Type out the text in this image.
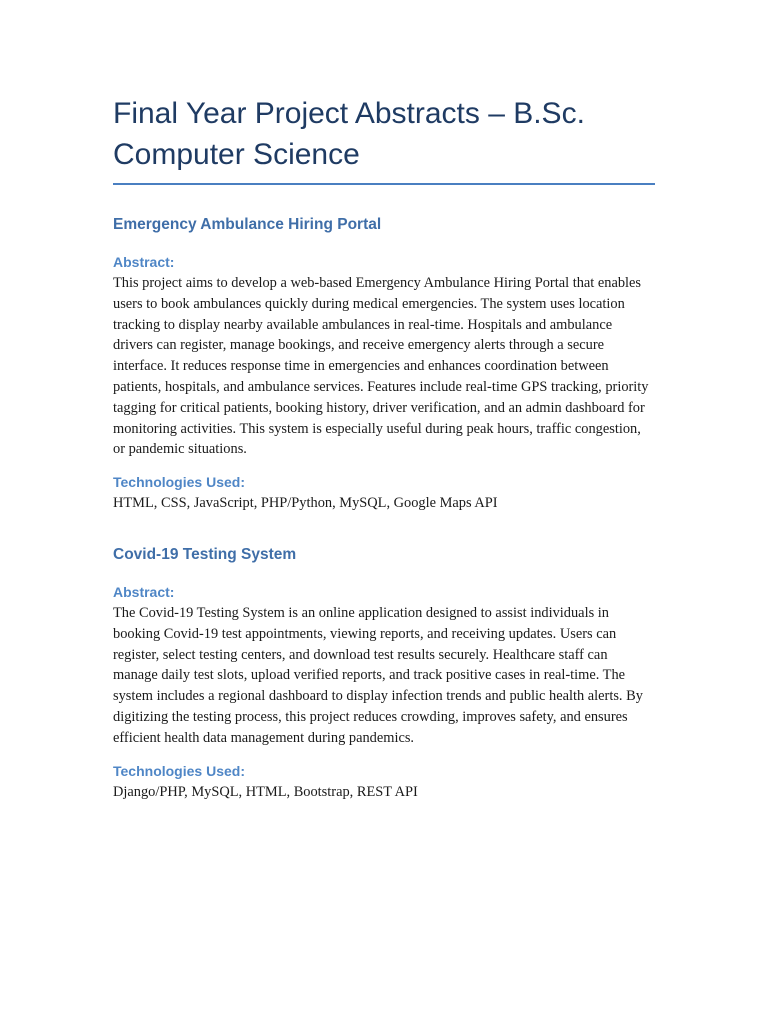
Final Year Project Abstracts – B.Sc.
Computer Science
Emergency Ambulance Hiring Portal

Abstract:

This project aims to develop a web-based Emergency Ambulance Hiring Portal that enables users to book ambulances quickly during medical emergencies. The system uses location tracking to display nearby available ambulances in real-time. Hospitals and ambulance drivers can register, manage bookings, and receive emergency alerts through a secure interface. It reduces response time in emergencies and enhances coordination between patients, hospitals, and ambulance services. Features include real-time GPS tracking, priority tagging for critical patients, booking history, driver verification, and an admin dashboard for monitoring activities. This system is especially useful during peak hours, traffic congestion, or pandemic situations.

Technologies Used:

HTML, CSS, JavaScript, PHP/Python, MySQL, Google Maps API

Covid-19 Testing System

Abstract:

The Covid-19 Testing System is an online application designed to assist individuals in booking Covid-19 test appointments, viewing reports, and receiving updates. Users can register, select testing centers, and download test results securely. Healthcare staff can manage daily test slots, upload verified reports, and track positive cases in real-time. The system includes a regional dashboard to display infection trends and public health alerts. By digitizing the testing process, this project reduces crowding, improves safety, and ensures efficient health data management during pandemics.

Technologies Used:

Django/PHP, MySQL, HTML, Bootstrap, REST API
